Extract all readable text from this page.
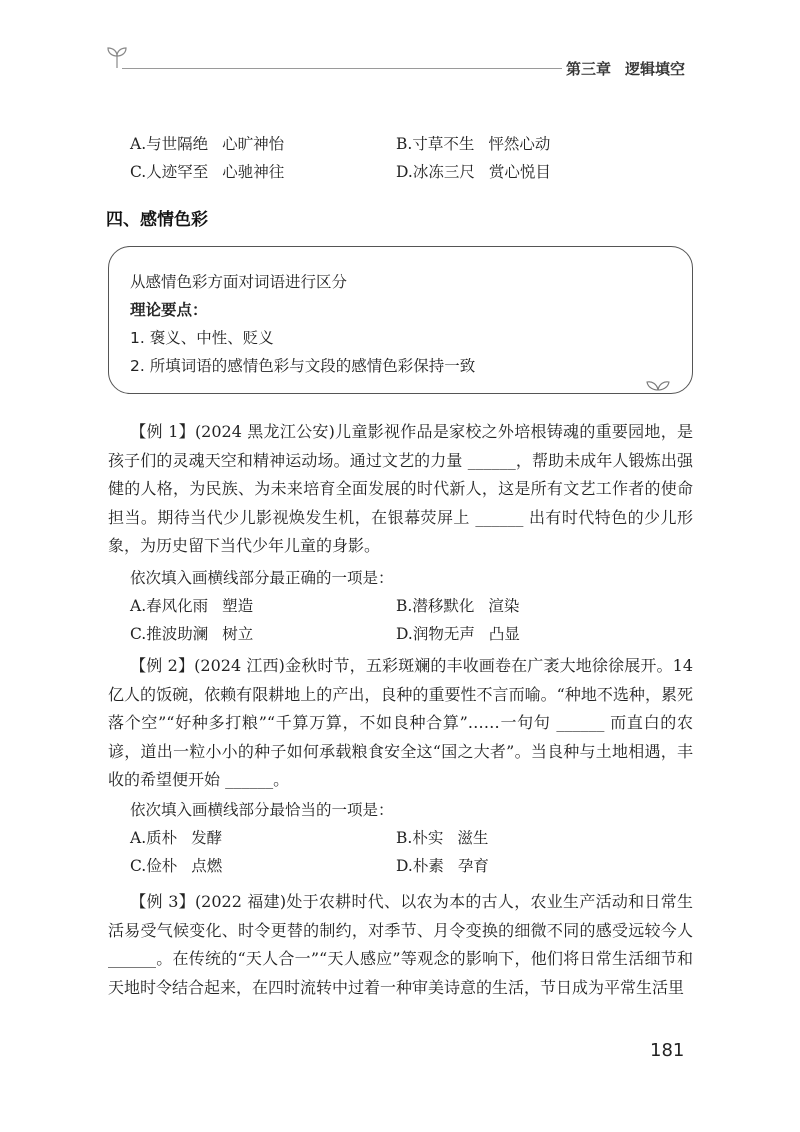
第三章 逻辑填空
A.与世隔绝 心旷神怡	B.寸草不生 怦然心动
C.人迹罕至 心驰神往	D.冰冻三尺 赏心悦目
四、感情色彩
从感情色彩方面对词语进行区分
理论要点：
1. 褒义、中性、贬义
2. 所填词语的感情色彩与文段的感情色彩保持一致
【例 1】(2024 黑龙江公安)儿童影视作品是家校之外培根铸魂的重要园地，是孩子们的灵魂天空和精神运动场。通过文艺的力量 ______，帮助未成年人锻炼出强健的人格，为民族、为未来培育全面发展的时代新人，这是所有文艺工作者的使命担当。期待当代少儿影视焕发生机，在银幕荧屏上 ______ 出有时代特色的少儿形象，为历史留下当代少年儿童的身影。
依次填入画横线部分最正确的一项是：
A.春风化雨 塑造	B.潜移默化 渲染
C.推波助澜 树立	D.润物无声 凸显
【例 2】(2024 江西)金秋时节，五彩斑斓的丰收画卷在广袤大地徐徐展开。14 亿人的饭碗，依赖有限耕地上的产出，良种的重要性不言而喻。“种地不选种，累死落个空”“好种多打粮”“千算万算，不如良种合算”……一句句 ______ 而直白的农谚，道出一粒小小的种子如何承载粮食安全这“国之大者”。当良种与土地相遇，丰收的希望便开始 ______。
依次填入画横线部分最恰当的一项是：
A.质朴 发酵	B.朴实 滋生
C.俭朴 点燃	D.朴素 孕育
【例 3】(2022 福建)处于农耕时代、以农为本的古人，农业生产活动和日常生活易受气候变化、时令更替的制约，对季节、月令变换的细微不同的感受远较今人 ______。在传统的“天人合一”“天人感应”等观念的影响下，他们将日常生活细节和天地时令结合起来，在四时流转中过着一种审美诗意的生活，节日成为平常生活里
181
